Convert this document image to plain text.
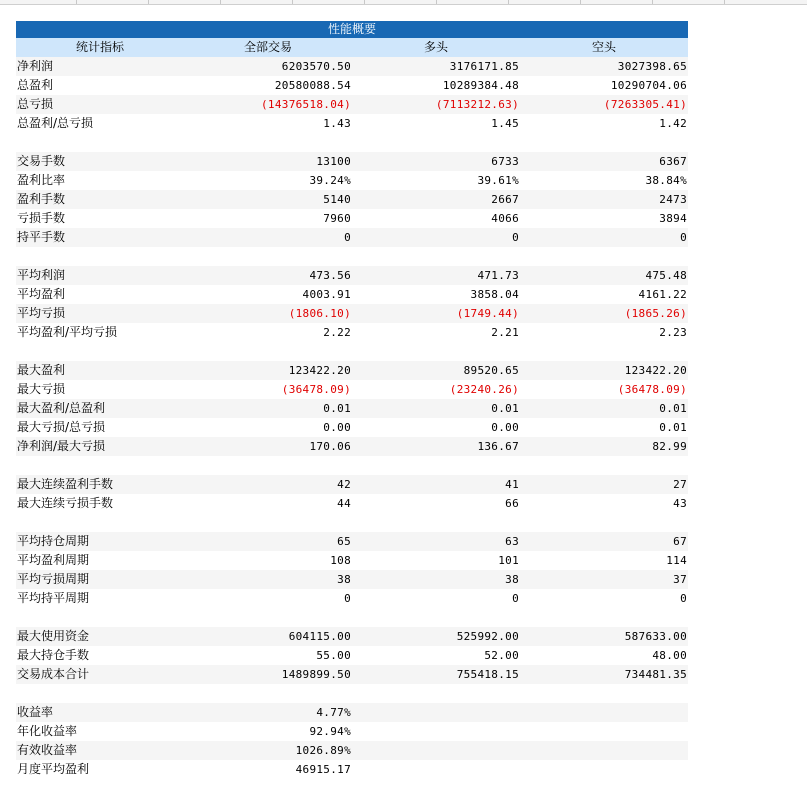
性能概要
统计指标	全部交易	多头	空头
净利润	6203570.50	3176171.85	3027398.65
总盈利	20580088.54	10289384.48	10290704.06
总亏损	(14376518.04)	(7113212.63)	(7263305.41)
总盈利/总亏损	1.43	1.45	1.42
交易手数	13100	6733	6367
盈利比率	39.24%	39.61%	38.84%
盈利手数	5140	2667	2473
亏损手数	7960	4066	3894
持平手数	0	0	0
平均利润	473.56	471.73	475.48
平均盈利	4003.91	3858.04	4161.22
平均亏损	(1806.10)	(1749.44)	(1865.26)
平均盈利/平均亏损	2.22	2.21	2.23
最大盈利	123422.20	89520.65	123422.20
最大亏损	(36478.09)	(23240.26)	(36478.09)
最大盈利/总盈利	0.01	0.01	0.01
最大亏损/总亏损	0.00	0.00	0.01
净利润/最大亏损	170.06	136.67	82.99
最大连续盈利手数	42	41	27
最大连续亏损手数	44	66	43
平均持仓周期	65	63	67
平均盈利周期	108	101	114
平均亏损周期	38	38	37
平均持平周期	0	0	0
最大使用资金	604115.00	525992.00	587633.00
最大持仓手数	55.00	52.00	48.00
交易成本合计	1489899.50	755418.15	734481.35
收益率	4.77%
年化收益率	92.94%
有效收益率	1026.89%
月度平均盈利	46915.17
